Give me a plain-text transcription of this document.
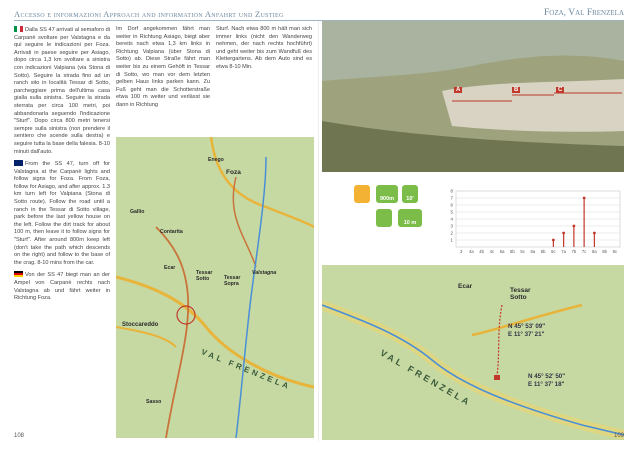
Accesso e informazioni Approach and information Anfahrt und Zustieg	Foza, Val Frenzela

Dalla SS 47 arrivati al semaforo di Carpanè svoltare per Valstagna e da qui seguire le indicazioni per Foza. Arrivati in paese seguire per Asiago, dopo circa 1,3 km svoltare a sinistra con indicazioni Valpiana (via Stona di Sotto). Seguire la strada fino ad un ranch sito in località Tessar di Sotto, parcheggiare prima dell'ultima casa gialla sulla sinistra. Seguire la strada sterrata per circa 100 metri, poi abbandonarla seguendo l'indicazione "Sturf". Dopo circa 800 metri tenersi sempre sulla sinistra (non prendere il sentiero che scende sulla destra) e seguire tutta la base della falesia. 8-10 minuti dall'auto.

From the SS 47, turn off for Valstagna at the Carpanè lights and follow signs for Foza. From Foza, follow for Asiago, and after approx. 1.3 km turn left for Valpiana (Stona di Sotto route). Follow the road until a ranch in the Tessar di Sotto village, park before the last yellow house on the left. Follow the dirt track for about 100 m, then leave it to follow signs for "Sturf". After around 800m keep left (don't take the path which descends on the right) and follow to the base of the crag. 8-10 mins from the car.

Von der SS 47 biegt man an der Ampel von Carpanè rechts nach Valstagna ab und fährt weiter in Richtung Foza.

Im Dorf angekommen fährt man weiter in Richtung Asiago, biegt aber bereits nach etwa 1,3 km links in Richtung Valpiana (über Stona di Sotto) ab. Diese Straße fährt man weiter bis zu einem Gehöft in Tessar di Sotto, wo man vor dem letzten gelben Haus links parken kann. Zu Fuß geht man die Schotterstraße etwa 100 m weiter und verlässt sie dann in Richtung
Sturf. Nach etwa 800 m hält man sich immer links (nicht den Wanderweg nehmen, der nach rechts hochführt) und geht weiter bis zum Wandfuß des Klettergartens. Ab dem Auto sind es etwa 8-10 Min.
Enego
Foza
Gallio
Contarita
Ecar
Tessar Sotto	Tessar Sopra
Valstagna
Stoccareddo
Sasso
VAL FRENZELA
A	B	C
900m	10'
10 m
1
2
3
4
5
6
7
8
3 4a 4b 4c 5a 5b 5c 6a 6b 6c 7a 7b 7c 8a 8b 8c
Ecar
Tessar Sotto
VAL FRENZELA
N 45° 53' 09"
E 11° 37' 21"
N 45° 52' 50"
E 11° 37' 18"
108	109
